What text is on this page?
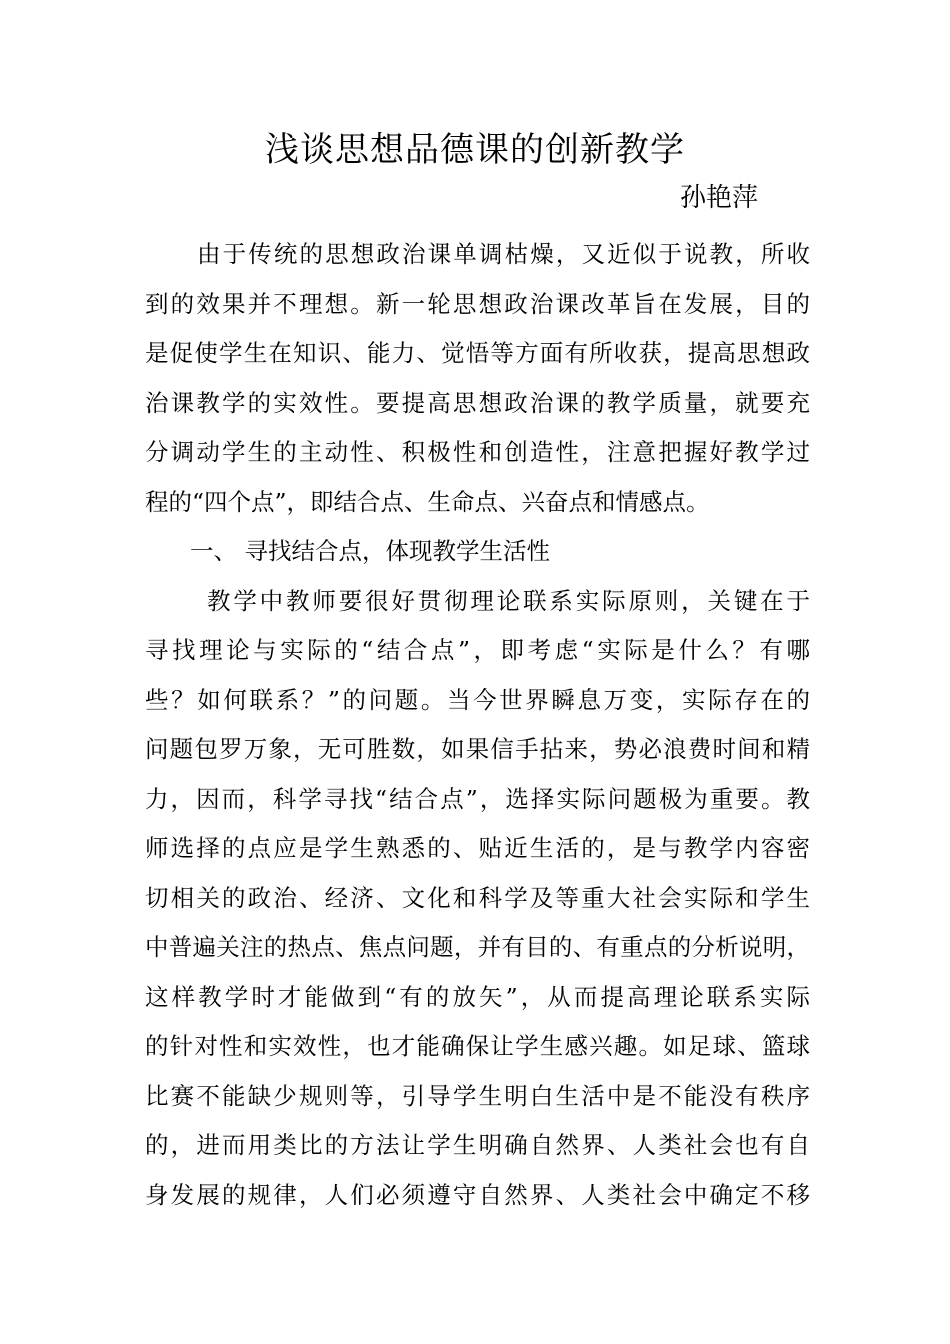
浅谈思想品德课的创新教学
孙艳萍
由于传统的思想政治课单调枯燥，又近似于说教，所收
到的效果并不理想。新一轮思想政治课改革旨在发展，目的
是促使学生在知识、能力、觉悟等方面有所收获，提高思想政
治课教学的实效性。要提高思想政治课的教学质量，就要充
分调动学生的主动性、积极性和创造性，注意把握好教学过
程的“四个点”，即结合点、生命点、兴奋点和情感点。
一、 寻找结合点，体现教学生活性
教学中教师要很好贯彻理论联系实际原则，关键在于
寻找理论与实际的“结合点”，即考虑“实际是什么？有哪
些？如何联系？”的问题。当今世界瞬息万变，实际存在的
问题包罗万象，无可胜数，如果信手拈来，势必浪费时间和精
力，因而，科学寻找“结合点”，选择实际问题极为重要。教
师选择的点应是学生熟悉的、贴近生活的，是与教学内容密
切相关的政治、经济、文化和科学及等重大社会实际和学生
中普遍关注的热点、焦点问题，并有目的、有重点的分析说明，
这样教学时才能做到“有的放矢”，从而提高理论联系实际
的针对性和实效性，也才能确保让学生感兴趣。如足球、篮球
比赛不能缺少规则等，引导学生明白生活中是不能没有秩序
的，进而用类比的方法让学生明确自然界、人类社会也有自
身发展的规律，人们必须遵守自然界、人类社会中确定不移
